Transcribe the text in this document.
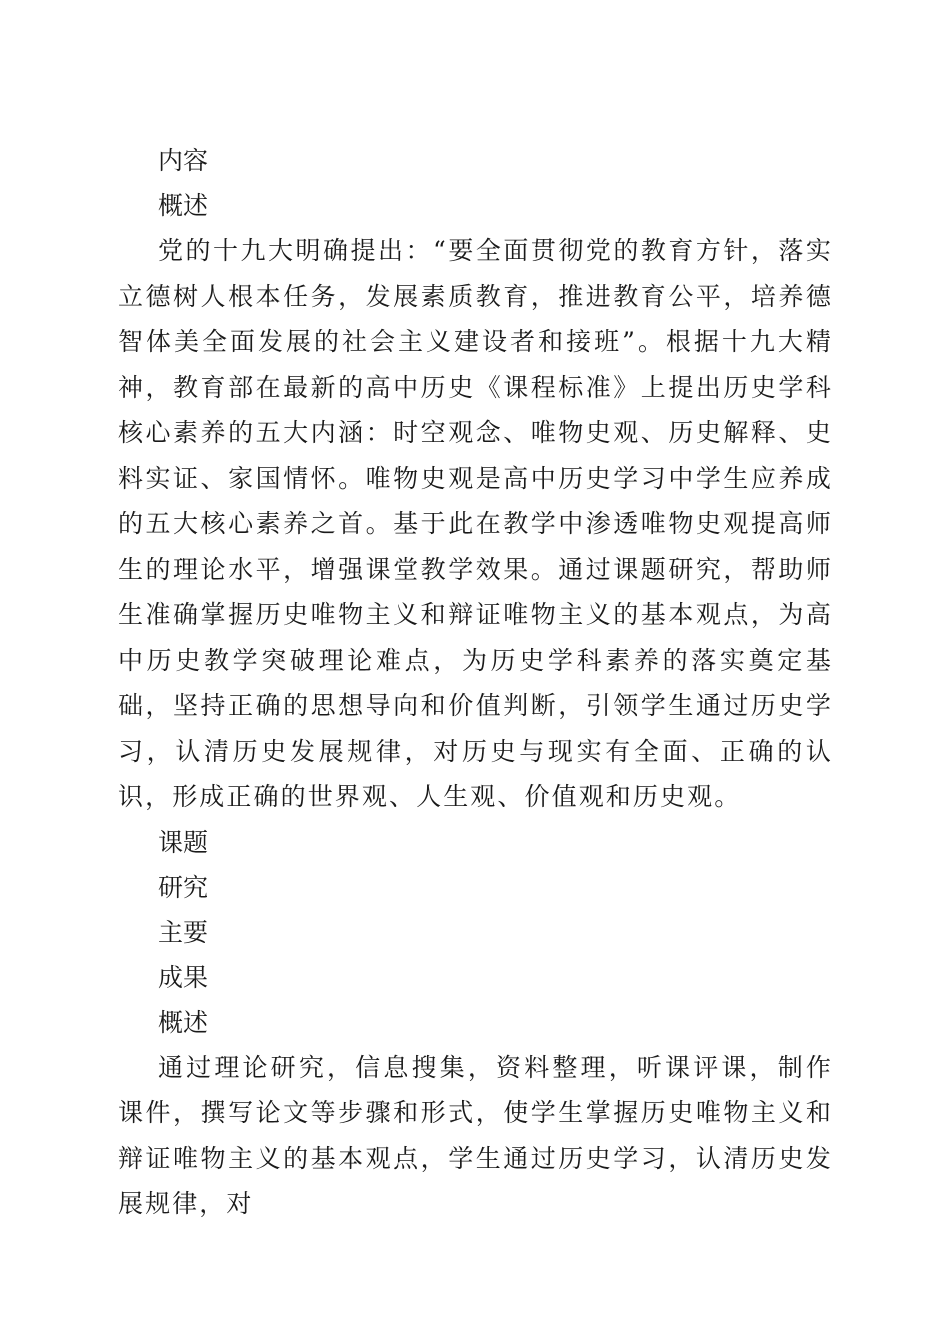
内容
概述

党的十九大明确提出：“要全面贯彻党的教育方针，落实立德树人根本任务，发展素质教育，推进教育公平，培养德智体美全面发展的社会主义建设者和接班”。根据十九大精神，教育部在最新的高中历史《课程标准》上提出历史学科核心素养的五大内涵：时空观念、唯物史观、历史解释、史料实证、家国情怀。唯物史观是高中历史学习中学生应养成的五大核心素养之首。基于此在教学中渗透唯物史观提高师生的理论水平，增强课堂教学效果。通过课题研究，帮助师生准确掌握历史唯物主义和辩证唯物主义的基本观点，为高中历史教学突破理论难点，为历史学科素养的落实奠定基础，坚持正确的思想导向和价值判断，引领学生通过历史学习，认清历史发展规律，对历史与现实有全面、正确的认识，形成正确的世界观、人生观、价值观和历史观。

课题
研究
主要
成果
概述

通过理论研究，信息搜集，资料整理，听课评课，制作课件，撰写论文等步骤和形式，使学生掌握历史唯物主义和辩证唯物主义的基本观点，学生通过历史学习，认清历史发展规律，对
